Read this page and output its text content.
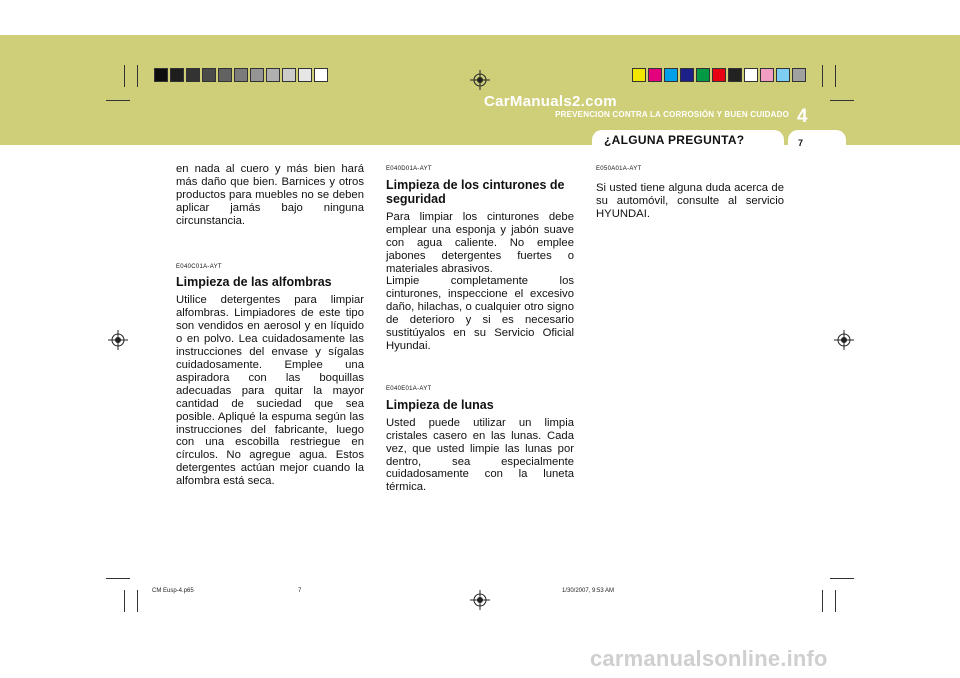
CarManuals2.com
PREVENCION CONTRA LA CORROSIÓN Y BUEN CUIDADO 4
¿ALGUNA PREGUNTA?	7

en nada al cuero y más bien hará más daño que bien. Barnices y otros productos para muebles no se deben aplicar jamás bajo ninguna circunstancia.

E040C01A-AYT
Limpieza de las alfombras

Utilice detergentes para limpiar alfombras. Limpiadores de este tipo son vendidos en aerosol y en líquido o en polvo. Lea cuidadosamente las instrucciones del envase y sígalas cuidadosamente. Emplee una aspiradora con las boquillas adecuadas para quitar la mayor cantidad de suciedad que sea posible. Apliqué la espuma según las instrucciones del fabricante, luego con una escobilla restriegue en círculos. No agregue agua. Estos detergentes actúan mejor cuando la alfombra está seca.

E040D01A-AYT
Limpieza de los cinturones de seguridad

Para limpiar los cinturones debe emplear una esponja y jabón suave con agua caliente. No emplee jabones detergentes fuertes o materiales abrasivos.

Limpie completamente los cinturones, inspeccione el excesivo daño, hilachas, o cualquier otro signo de deterioro y si es necesario sustitúyalos en su Servicio Oficial Hyundai.

E040E01A-AYT
Limpieza de lunas

Usted puede utilizar un limpia cristales casero en las lunas. Cada vez, que usted limpie las lunas por dentro, sea especialmente cuidadosamente con la luneta térmica.

E050A01A-AYT

Si usted tiene alguna duda acerca de su automóvil, consulte al servicio HYUNDAI.

CM Eusp-4.p65	7	1/30/2007, 9:53 AM
carmanualsonline.info
